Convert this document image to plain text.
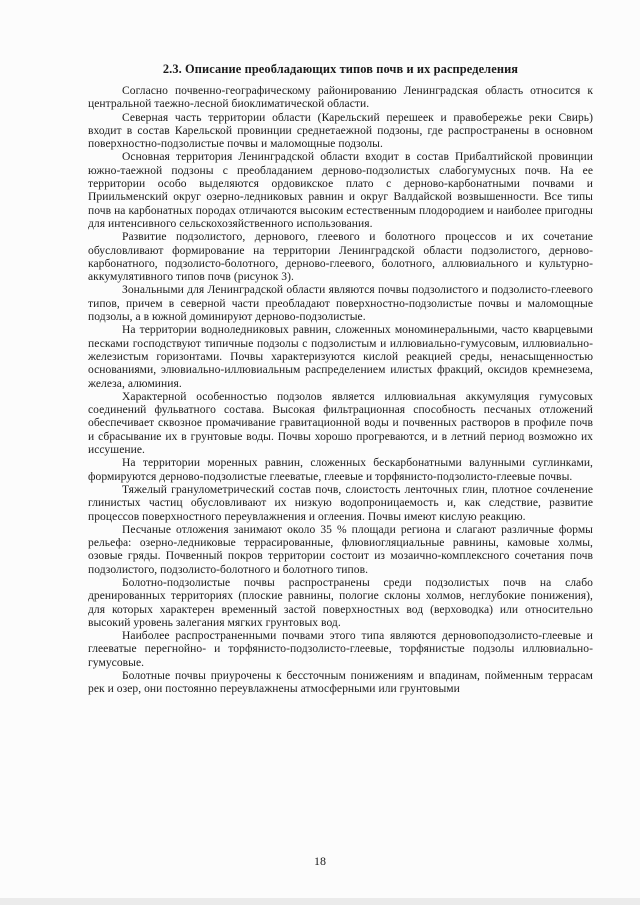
2.3. Описание преобладающих типов почв и их распределения

Согласно почвенно-географическому районированию Ленинградская область относится к центральной таежно-лесной биоклиматической области.

Северная часть территории области (Карельский перешеек и правобережье реки Свирь) входит в состав Карельской провинции среднетаежной подзоны, где распространены в основном поверхностно-подзолистые почвы и маломощные подзолы.

Основная территория Ленинградской области входит в состав Прибалтийской провинции южно-таежной подзоны с преобладанием дерново-подзолистых слабогумусных почв. На ее территории особо выделяются ордовикское плато с дерново-карбонатными почвами и Приильменский округ озерно-ледниковых равнин и округ Валдайской возвышенности. Все типы почв на карбонатных породах отличаются высоким естественным плодородием и наиболее пригодны для интенсивного сельскохозяйственного использования.

Развитие подзолистого, дернового, глеевого и болотного процессов и их сочетание обусловливают формирование на территории Ленинградской области подзолистого, дерново-карбонатного, подзолисто-болотного, дерново-глеевого, болотного, аллювиального и культурно-аккумулятивного типов почв (рисунок 3).

Зональными для Ленинградской области являются почвы подзолистого и подзолисто-глеевого типов, причем в северной части преобладают поверхностно-подзолистые почвы и маломощные подзолы, а в южной доминируют дерново-подзолистые.

На территории водноледниковых равнин, сложенных мономинеральными, часто кварцевыми песками господствуют типичные подзолы с подзолистым и иллювиально-гумусовым, иллювиально-железистым горизонтами. Почвы характеризуются кислой реакцией среды, ненасыщенностью основаниями, элювиально-иллювиальным распределением илистых фракций, оксидов кремнезема, железа, алюминия.

Характерной особенностью подзолов является иллювиальная аккумуляция гумусовых соединений фульватного состава. Высокая фильтрационная способность песчаных отложений обеспечивает сквозное промачивание гравитационной воды и почвенных растворов в профиле почв и сбрасывание их в грунтовые воды. Почвы хорошо прогреваются, и в летний период возможно их иссушение.

На территории моренных равнин, сложенных бескарбонатными валунными суглинками, формируются дерново-подзолистые глееватые, глеевые и торфянисто-подзолисто-глеевые почвы.

Тяжелый гранулометрический состав почв, слоистость ленточных глин, плотное сочленение глинистых частиц обусловливают их низкую водопроницаемость и, как следствие, развитие процессов поверхностного переувлажнения и оглеения. Почвы имеют кислую реакцию.

Песчаные отложения занимают около 35 % площади региона и слагают различные формы рельефа: озерно-ледниковые террасированные, флювиогляциальные равнины, камовые холмы, озовые гряды. Почвенный покров территории состоит из мозаично-комплексного сочетания почв подзолистого, подзолисто-болотного и болотного типов.

Болотно-подзолистые почвы распространены среди подзолистых почв на слабо дренированных территориях (плоские равнины, пологие склоны холмов, неглубокие понижения), для которых характерен временный застой поверхностных вод (верховодка) или относительно высокий уровень залегания мягких грунтовых вод.

Наиболее распространенными почвами этого типа являются дерновоподзолисто-глеевые и глееватые перегнойно- и торфянисто-подзолисто-глеевые, торфянистые подзолы иллювиально-гумусовые.

Болотные почвы приурочены к бессточным понижениям и впадинам, пойменным террасам рек и озер, они постоянно переувлажнены атмосферными или грунтовыми

18
